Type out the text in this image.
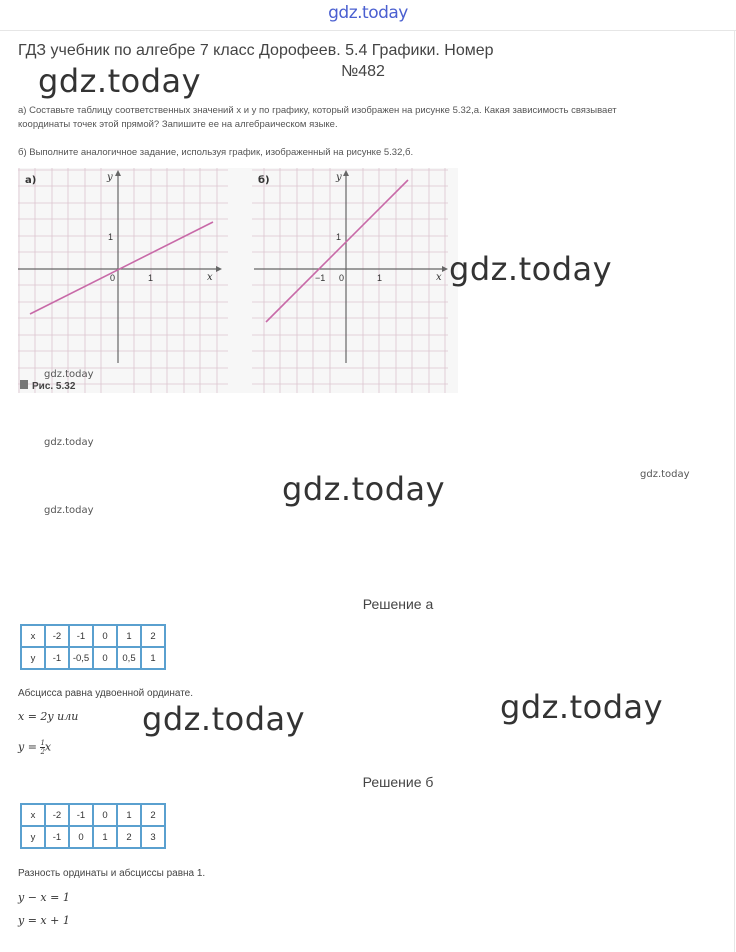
gdz.today
ГДЗ учебник по алгебре 7 класс Дорофеев. 5.4 Графики. Номер
№482
gdz.today
а) Составьте таблицу соответственных значений x и y по графику, который изображен на рисунке 5.32,а. Какая зависимость связывает
координаты точек этой прямой? Запишите ее на алгебраическом языке.
б) Выполните аналогичное задание, используя график, изображенный на рисунке 5.32,б.
а)	y
x
0	1
1
б)	y
x
0
−1	1
1
Рис. 5.32
gdz.today
gdz.today
gdz.today
gdz.today	gdz.today
gdz.today
Решение а
x	-2	-1	0	1	2
y	-1	-0,5	0	0,5	1
Абсцисса равна удвоенной ординате.
x = 2y или
$y = \frac{1}{2}$ x
gdz.today	gdz.today
Решение б
x	-2	-1	0	1	2
y	-1	0	1	2	3
Разность ординаты и абсциссы равна 1.
y − x = 1
y = x + 1
